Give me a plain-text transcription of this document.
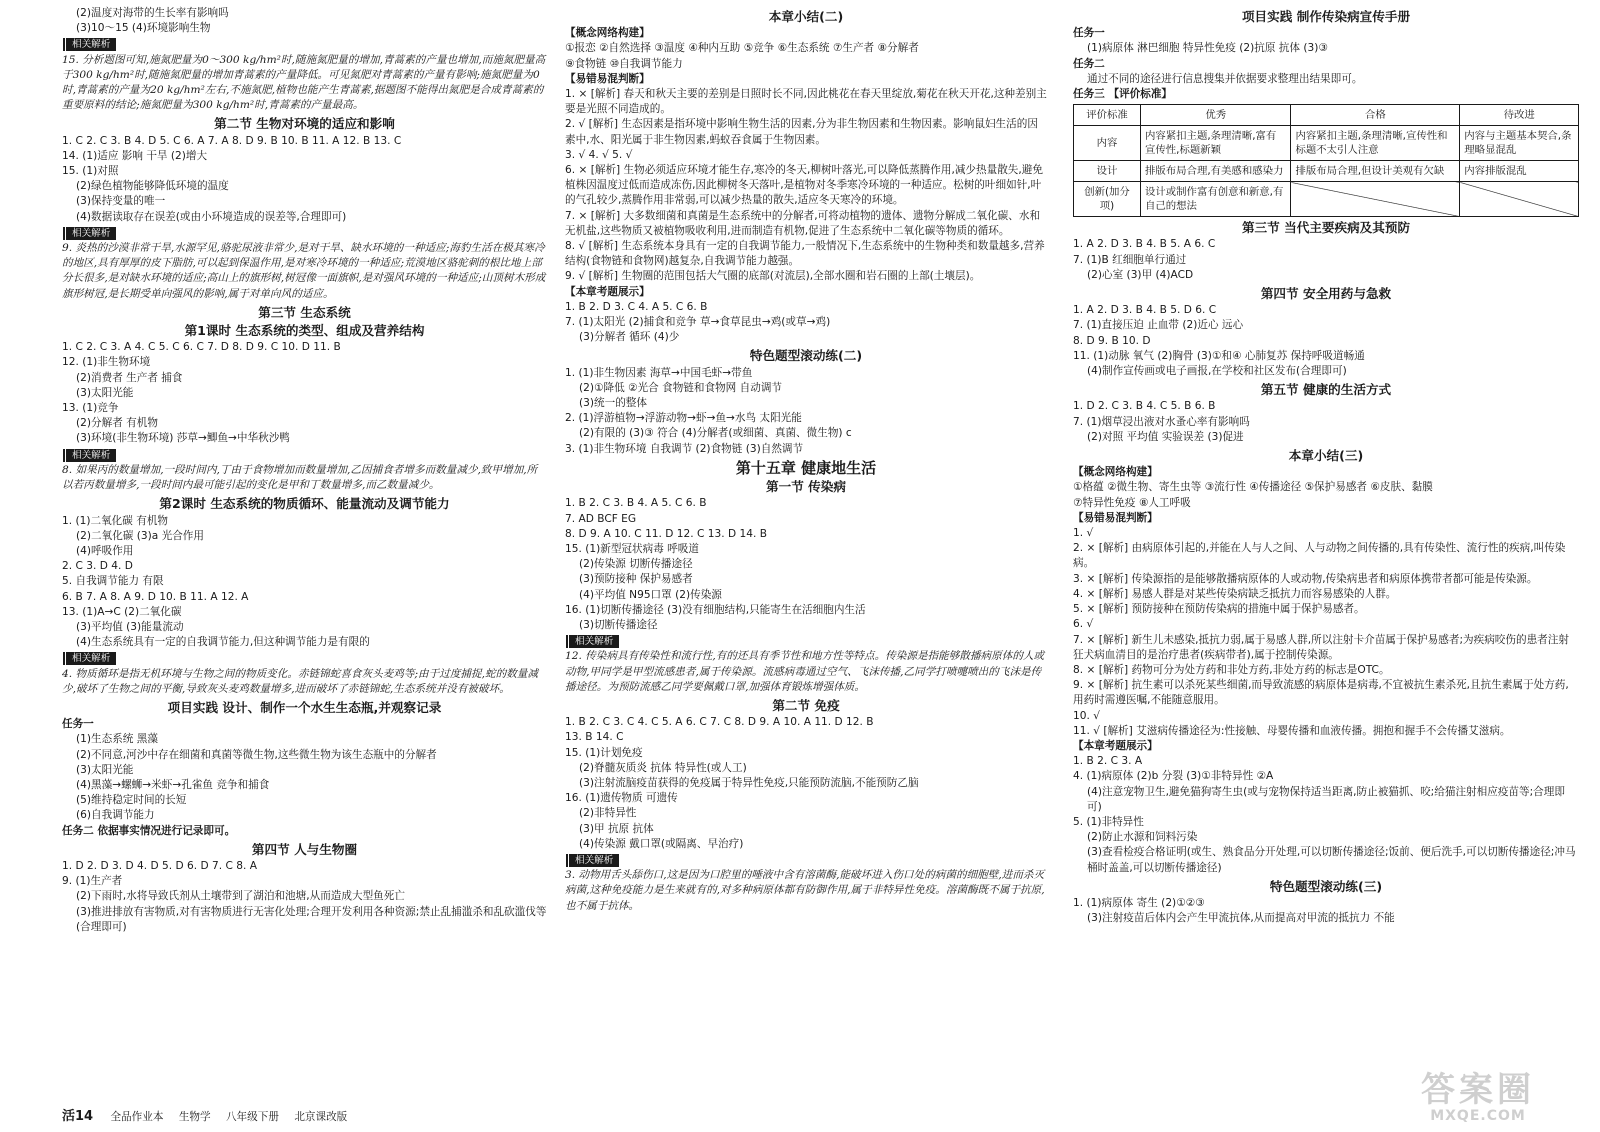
(2)温度对海带的生长率有影响吗
(3)10～15 (4)环境影响生物
相关解析
15. 分析题图可知,施氮肥量为0～300 kg/hm²时,随施氮肥量的增加,青蒿素的产量也增加,而施氮肥量高于300 kg/hm²时,随施氮肥量的增加青蒿素的产量降低。可见氮肥对青蒿素的产量有影响;施氮肥量为0时,青蒿素的产量为20 kg/hm²左右,不施氮肥,植物也能产生青蒿素,据题图不能得出氮肥是合成青蒿素的重要原料的结论;施氮肥量为300 kg/hm²时,青蒿素的产量最高。
第二节 生物对环境的适应和影响
1. C 2. C 3. B 4. D 5. C 6. A 7. A 8. D 9. B 10. B 11. A 12. B 13. C
14. (1)适应 影响 干旱 (2)增大
15. (1)对照
(2)绿色植物能够降低环境的温度
(3)保持变量的唯一
(4)数据读取存在误差(或由小环境造成的误差等,合理即可)
相关解析
9. 炎热的沙漠非常干旱,水源罕见,骆驼尿液非常少,是对干旱、缺水环境的一种适应;海豹生活在极其寒冷的地区,具有厚厚的皮下脂肪,可以起到保温作用,是对寒冷环境的一种适应;荒漠地区骆驼刺的根比地上部分长很多,是对缺水环境的适应;高山上的旗形树,树冠像一面旗帜,是对强风环境的一种适应;山顶树木形成旗形树冠,是长期受单向强风的影响,属于对单向风的适应。
第三节 生态系统
第1课时 生态系统的类型、组成及营养结构
1. C 2. C 3. A 4. C 5. C 6. C 7. D 8. D 9. C 10. D 11. B
12. (1)非生物环境
(2)消费者 生产者 捕食
(3)太阳光能
13. (1)竞争
(2)分解者 有机物
(3)环境(非生物环境) 莎草→鲫鱼→中华秋沙鸭
相关解析
8. 如果丙的数量增加,一段时间内,丁由于食物增加而数量增加,乙因捕食者增多而数量减少,致甲增加,所以若丙数量增多,一段时间内最可能引起的变化是甲和丁数量增多,而乙数量减少。
第2课时 生态系统的物质循环、能量流动及调节能力
1. (1)二氧化碳 有机物
(2)二氧化碳 (3)a 光合作用
(4)呼吸作用
2. C 3. D 4. D
5. 自我调节能力 有限
6. B 7. A 8. A 9. D 10. B 11. A 12. A
13. (1)A→C (2)二氧化碳
(3)平均值 (3)能量流动
(4)生态系统具有一定的自我调节能力,但这种调节能力是有限的
相关解析
4. 物质循环是指无机环境与生物之间的物质变化。赤链锦蛇喜食灰头麦鸡等;由于过度捕捉,蛇的数量减少,破坏了生物之间的平衡,导致灰头麦鸡数量增多,进而破坏了赤链锦蛇,生态系统并没有被破坏。
项目实践 设计、制作一个水生生态瓶,并观察记录
任务一
(1)生态系统 黑藻
(2)不同意,河沙中存在细菌和真菌等微生物,这些微生物为该生态瓶中的分解者
(3)太阳光能
(4)黑藻→螺蛳→米虾→孔雀鱼 竞争和捕食
(5)维持稳定时间的长短
(6)自我调节能力
任务二 依据事实情况进行记录即可。
第四节 人与生物圈
1. D 2. D 3. D 4. D 5. D 6. D 7. C 8. A
9. (1)生产者
(2)下雨时,水将导致氏剂从土壤带到了湖泊和池塘,从而造成大型鱼死亡
(3)推进排放有害物质,对有害物质进行无害化处理;合理开发利用各种资源;禁止乱捕滥杀和乱砍滥伐等(合理即可)
本章小结(二)
【概念网络构建】
①报恋 ②自然选择 ③温度 ④种内互助 ⑤竞争 ⑥生态系统 ⑦生产者 ⑧分解者
⑨食物链 ⑩自我调节能力
【易错易混判断】
1. × [解析] 春天和秋天主要的差别是日照时长不同,因此桃花在春天里绽放,菊花在秋天开花,这种差别主要是光照不同造成的。
2. √ [解析] 生态因素是指环境中影响生物生活的因素,分为非生物因素和生物因素。影响鼠妇生活的因素中,水、阳光属于非生物因素,蚂蚁吞食属于生物因素。
3. √ 4. √ 5. √
6. × [解析] 生物必须适应环境才能生存,寒冷的冬天,柳树叶落光,可以降低蒸腾作用,减少热量散失,避免植株因温度过低而造成冻伤,因此柳树冬天落叶,是植物对冬季寒冷环境的一种适应。松树的叶细如针,叶的气孔较少,蒸腾作用非常弱,可以减少热量的散失,适应冬天寒冷的环境。
7. × [解析] 大多数细菌和真菌是生态系统中的分解者,可将动植物的遗体、遗物分解成二氧化碳、水和无机盐,这些物质又被植物吸收利用,进而制造有机物,促进了生态系统中二氧化碳等物质的循环。
8. √ [解析] 生态系统本身具有一定的自我调节能力,一般情况下,生态系统中的生物种类和数量越多,营养结构(食物链和食物网)越复杂,自我调节能力越强。
9. √ [解析] 生物圈的范围包括大气圈的底部(对流层),全部水圈和岩石圈的上部(土壤层)。
【本章考题展示】
1. B 2. D 3. C 4. A 5. C 6. B
7. (1)太阳光 (2)捕食和竞争 草→食草昆虫→鸡(或草→鸡)
(3)分解者 循环 (4)少
特色题型滚动练(二)
1. (1)非生物因素 海草→中国毛虾→带鱼
(2)①降低 ②光合 食物链和食物网 自动调节
(3)统一的整体
2. (1)浮游植物→浮游动物→虾→鱼→水鸟 太阳光能
(2)有限的 (3)③ 符合 (4)分解者(或细菌、真菌、微生物) c
3. (1)非生物环境 自我调节 (2)食物链 (3)自然调节
第十五章 健康地生活
第一节 传染病
1. B 2. C 3. B 4. A 5. C 6. B
7. AD BCF EG
8. D 9. A 10. C 11. D 12. C 13. D 14. B
15. (1)新型冠状病毒 呼吸道
(2)传染源 切断传播途径
(3)预防接种 保护易感者
(4)平均值 N95口罩 (2)传染源
16. (1)切断传播途径 (3)没有细胞结构,只能寄生在活细胞内生活
(3)切断传播途径
相关解析
12. 传染病具有传染性和流行性,有的还具有季节性和地方性等特点。传染源是指能够散播病原体的人或动物,甲同学是甲型流感患者,属于传染源。流感病毒通过空气、飞沫传播,乙同学打喷嚏喷出的飞沫是传播途径。为预防流感乙同学要佩戴口罩,加强体育锻炼增强体质。
第二节 免疫
1. B 2. C 3. C 4. C 5. A 6. C 7. C 8. D 9. A 10. A 11. D 12. B
13. B 14. C
15. (1)计划免疫
(2)脊髓灰质炎 抗体 特异性(或人工)
(3)注射流脑疫苗获得的免疫属于特异性免疫,只能预防流脑,不能预防乙脑
16. (1)遗传物质 可遗传
(2)非特异性
(3)甲 抗原 抗体
(4)传染源 戴口罩(或隔离、早治疗)
相关解析
3. 动物用舌头舔伤口,这是因为口腔里的唾液中含有溶菌酶,能破坏进入伤口处的病菌的细胞壁,进而杀灭病菌,这种免疫能力是生来就有的,对多种病原体都有防御作用,属于非特异性免疫。溶菌酶既不属于抗原,也不属于抗体。
项目实践 制作传染病宣传手册
任务一
(1)病原体 淋巴细胞 特异性免疫 (2)抗原 抗体 (3)③
任务二
通过不同的途径进行信息搜集并依据要求整理出结果即可。
任务三 【评价标准】
评价标准	优秀	合格	待改进
内容	内容紧扣主题,条理清晰,富有宣传性,标题新颖	内容紧扣主题,条理清晰,宣传性和标题不太引人注意	内容与主题基本契合,条理略显混乱
设计	排版布局合理,有美感和感染力	排版布局合理,但设计美观有欠缺	内容排版混乱
创新(加分项)	设计或制作富有创意和新意,有自己的想法		
第三节 当代主要疾病及其预防
1. A 2. D 3. B 4. B 5. A 6. C
7. (1)B 红细胞单行通过
(2)心室 (3)甲 (4)ACD
第四节 安全用药与急救
1. A 2. D 3. B 4. B 5. D 6. C
7. (1)直接压迫 止血带 (2)近心 远心
8. D 9. B 10. D
11. (1)动脉 氧气 (2)胸骨 (3)①和④ 心肺复苏 保持呼吸道畅通
(4)制作宣传画或电子画报,在学校和社区发布(合理即可)
第五节 健康的生活方式
1. D 2. C 3. B 4. C 5. B 6. B
7. (1)烟草浸出液对水蚤心率有影响吗
(2)对照 平均值 实验误差 (3)促进
本章小结(三)
【概念网络构建】
①格蕴 ②微生物、寄生虫等 ③流行性 ④传播途径 ⑤保护易感者 ⑥皮肤、黏膜
⑦特异性免疫 ⑧人工呼吸
【易错易混判断】
1. √
2. × [解析] 由病原体引起的,并能在人与人之间、人与动物之间传播的,具有传染性、流行性的疾病,叫传染病。
3. × [解析] 传染源指的是能够散播病原体的人或动物,传染病患者和病原体携带者都可能是传染源。
4. × [解析] 易感人群是对某些传染病缺乏抵抗力而容易感染的人群。
5. × [解析] 预防接种在预防传染病的措施中属于保护易感者。
6. √
7. × [解析] 新生儿未感染,抵抗力弱,属于易感人群,所以注射卡介苗属于保护易感者;为疾病咬伤的患者注射狂犬病血清目的是治疗患者(疾病带者),属于控制传染源。
8. × [解析] 药物可分为处方药和非处方药,非处方药的标志是OTC。
9. × [解析] 抗生素可以杀死某些细菌,而导致流感的病原体是病毒,不宜被抗生素杀死,且抗生素属于处方药,用药时需遵医嘱,不能随意服用。
10. √
11. √ [解析] 艾滋病传播途径为:性接触、母婴传播和血液传播。拥抱和握手不会传播艾滋病。
【本章考题展示】
1. B 2. C 3. A
4. (1)病原体 (2)b 分裂 (3)①非特异性 ②A
(4)注意宠物卫生,避免猫狗寄生虫(或与宠物保持适当距离,防止被猫抓、咬;给猫注射相应疫苗等;合理即可)
5. (1)非特异性
(2)防止水源和饲料污染
(3)查看检疫合格证明(或生、熟食品分开处理,可以切断传播途径;饭前、便后洗手,可以切断传播途径;冲马桶时盖盖,可以切断传播途径)
特色题型滚动练(三)
1. (1)病原体 寄生 (2)①②③
(3)注射疫苗后体内会产生甲流抗体,从而提高对甲流的抵抗力 不能
活14 全品作业本 生物学 八年级下册 北京课改版
答案圈
MXQE.COM
